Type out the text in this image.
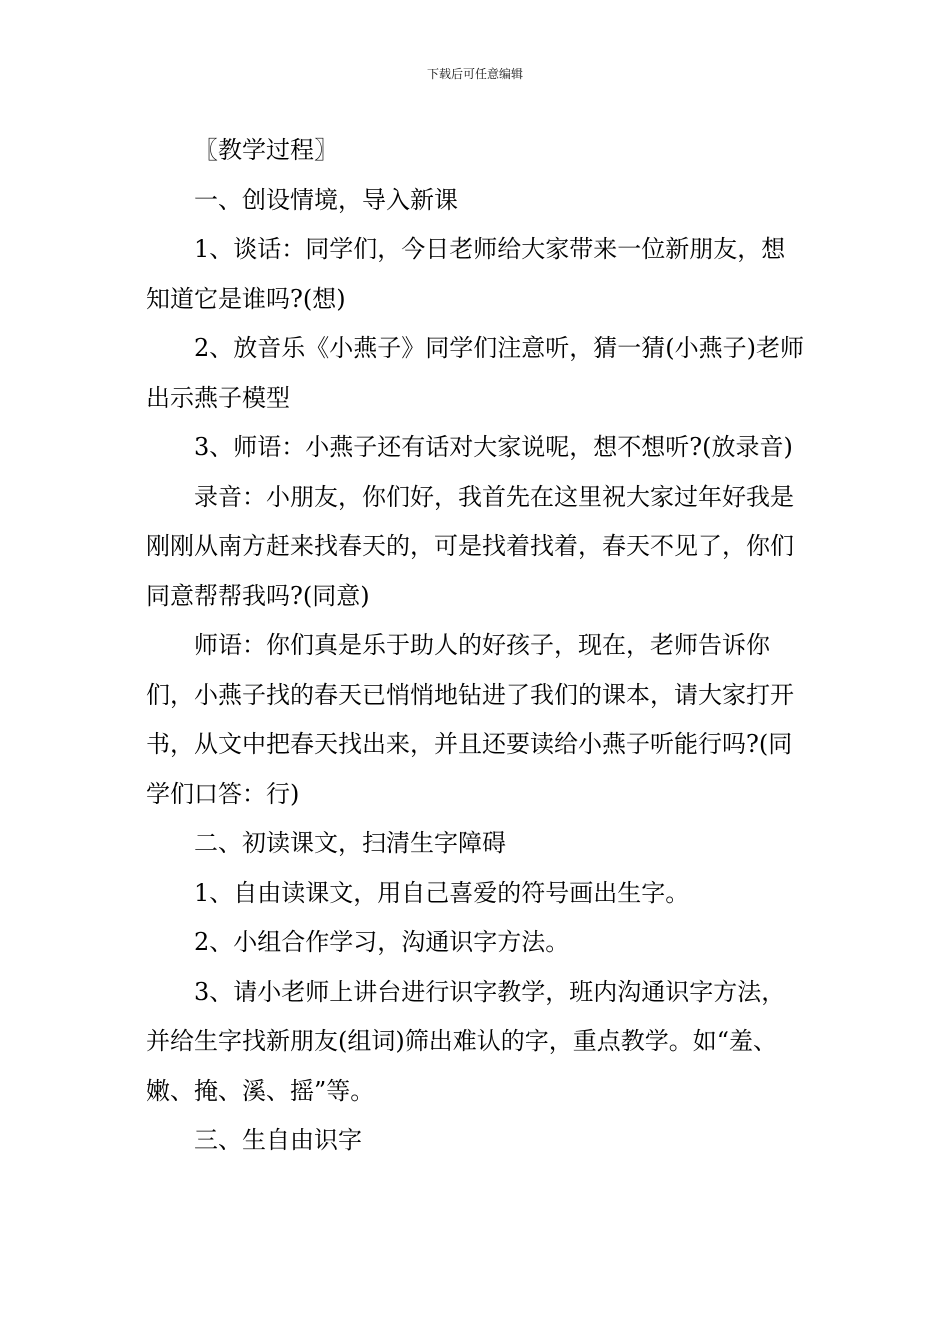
下载后可任意编辑

〖教学过程〗

一、创设情境，导入新课

1、谈话：同学们，今日老师给大家带来一位新朋友，想知道它是谁吗?(想)

2、放音乐《小燕子》同学们注意听，猜一猜(小燕子)老师出示燕子模型

3、师语：小燕子还有话对大家说呢，想不想听?(放录音)

录音：小朋友，你们好，我首先在这里祝大家过年好我是刚刚从南方赶来找春天的，可是找着找着，春天不见了，你们同意帮帮我吗?(同意)

师语：你们真是乐于助人的好孩子，现在，老师告诉你们，小燕子找的春天已悄悄地钻进了我们的课本，请大家打开书，从文中把春天找出来，并且还要读给小燕子听能行吗?(同学们口答：行)

二、初读课文，扫清生字障碍

1、自由读课文，用自己喜爱的符号画出生字。

2、小组合作学习，沟通识字方法。

3、请小老师上讲台进行识字教学，班内沟通识字方法，并给生字找新朋友(组词)筛出难认的字，重点教学。如“羞、嫩、掩、溪、摇”等。

三、生自由识字
